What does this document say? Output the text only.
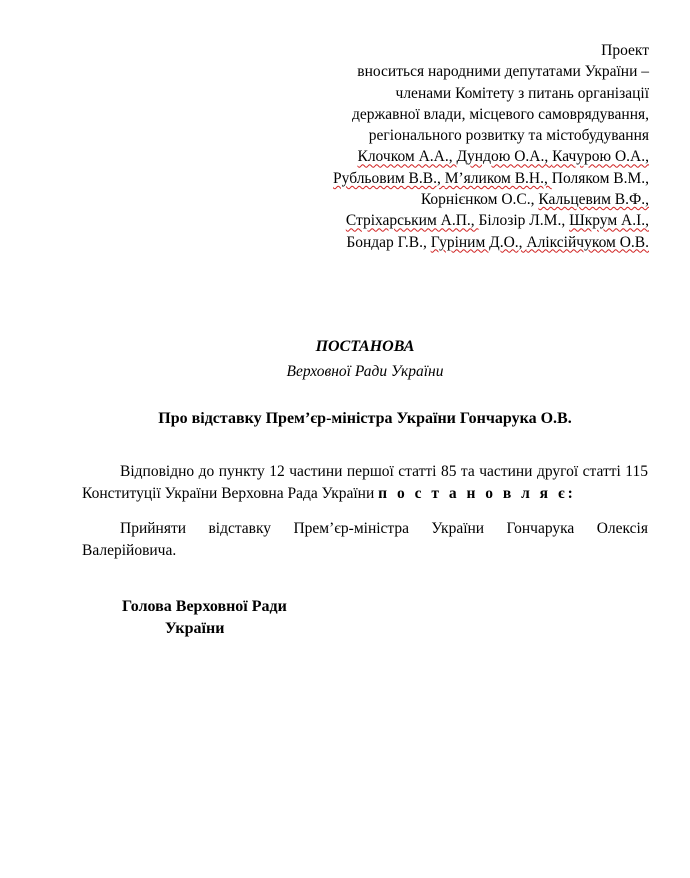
Проект
вноситься народними депутатами України –
членами Комітету з питань організації
державної влади, місцевого самоврядування,
регіонального розвитку та містобудування
Клочком А.А., Дундою О.А., Качурою О.А.,
Рубльовим В.В., М’яликом В.Н., Поляком В.М.,
Корнієнком О.С., Кальцевим В.Ф.,
Стріхарським А.П., Білозір Л.М., Шкрум А.І.,
Бондар Г.В., Гуріним Д.О., Аліксійчуком О.В.
ПОСТАНОВА
Верховної Ради України
Про відставку Прем’єр-міністра України Гончарука О.В.
Відповідно до пункту 12 частини першої статті 85 та частини другої статті 115 Конституції України Верховна Рада України п о с т а н о в л я є:
Прийняти відставку Прем’єр-міністра України Гончарука Олексія Валерійовича.
Голова Верховної Ради
України
